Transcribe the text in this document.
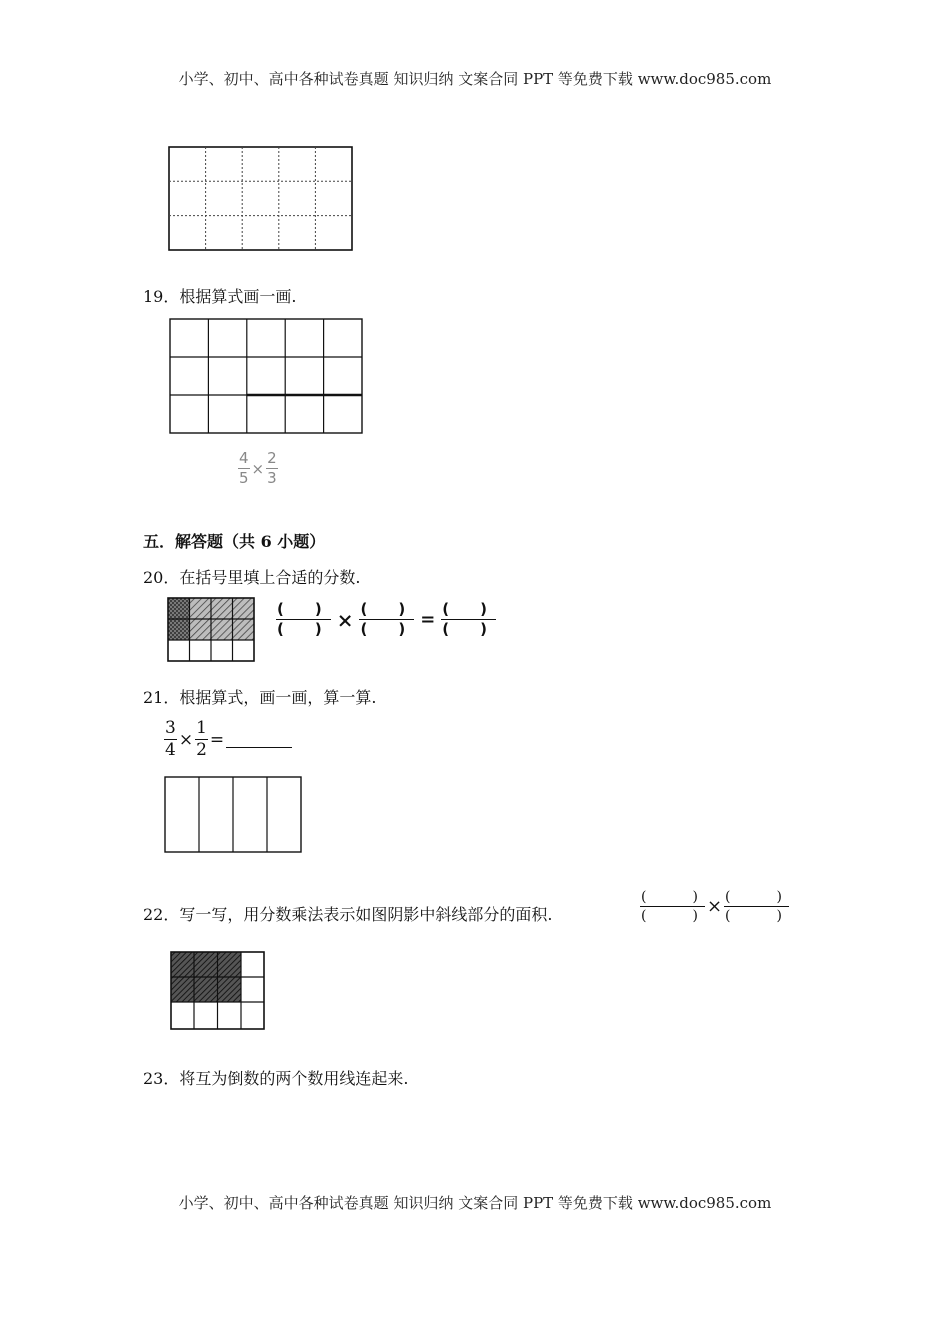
小学、初中、高中各种试卷真题 知识归纳 文案合同 PPT 等免费下载 www.doc985.com
19．根据算式画一画.
$\frac{4}{5} \times \frac{2}{3}$
五．解答题（共 6 小题）
20．在括号里填上合适的分数.
$\frac{( )}{( )} \times \frac{( )}{( )} = \frac{( )}{( )}$
21．根据算式，画一画，算一算.
$\frac{3}{4} \times \frac{1}{2}$ =
22．写一写，用分数乘法表示如图阴影中斜线部分的面积.	$\frac{( )}{( )} \times \frac{( )}{( )}$
23．将互为倒数的两个数用线连起来.
小学、初中、高中各种试卷真题 知识归纳 文案合同 PPT 等免费下载 www.doc985.com
